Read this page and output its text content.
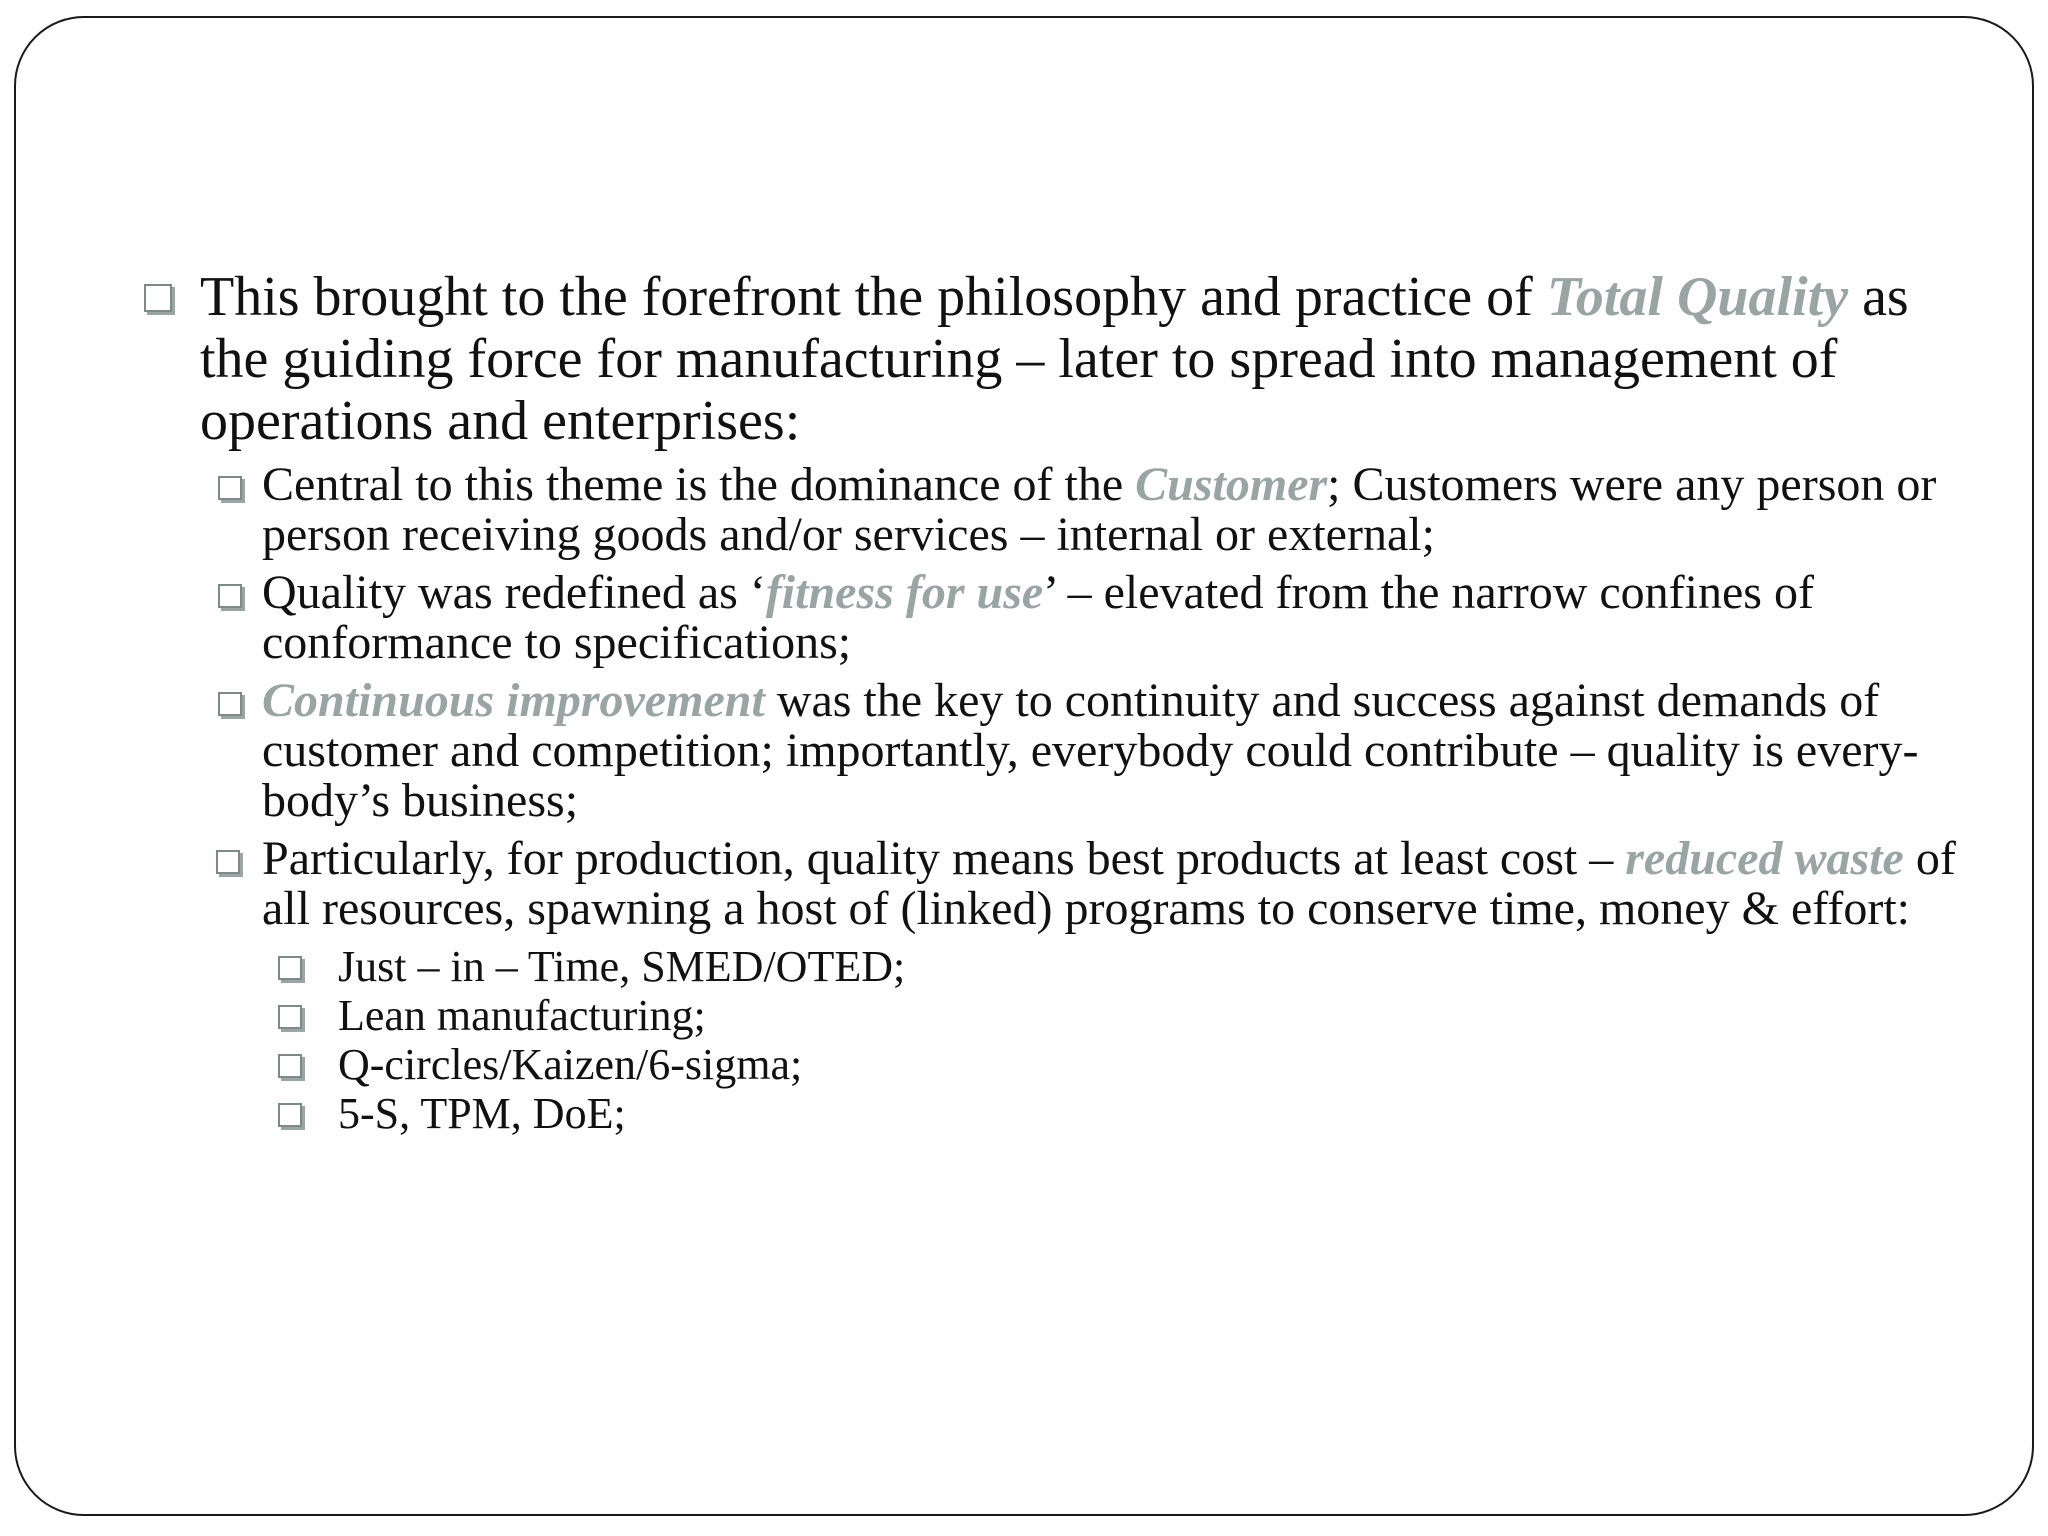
This brought to the forefront the philosophy and practice of Total Quality as the guiding force for manufacturing – later to spread into management of operations and enterprises:
Central to this theme is the dominance of the Customer; Customers were any person or person receiving goods and/or services – internal or external;
Quality was redefined as ‘fitness for use’ – elevated from the narrow confines of conformance to specifications;
Continuous improvement was the key to continuity and success against demands of customer and competition; importantly, everybody could contribute – quality is every- body’s business;
Particularly, for production, quality means best products at least cost – reduced waste of all resources, spawning a host of (linked) programs to conserve time, money & effort:
Just – in – Time, SMED/OTED;
Lean manufacturing;
Q-circles/Kaizen/6-sigma;
5-S, TPM, DoE;
